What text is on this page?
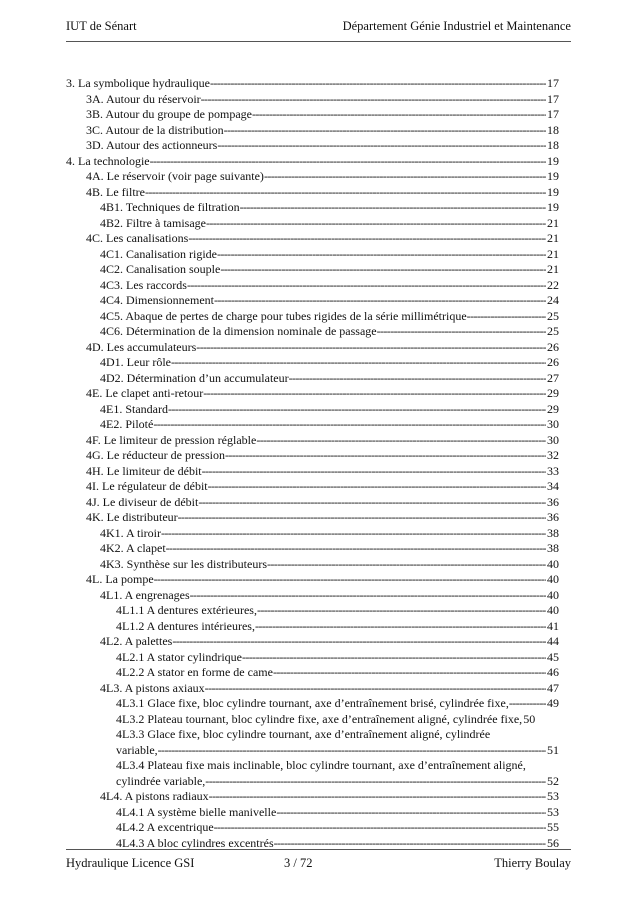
IUT de Sénart	Département Génie Industriel et Maintenance
3. La symbolique hydraulique -----	17
3A. Autour du réservoir -----	17
3B. Autour du groupe de pompage -----	17
3C. Autour de la distribution -----	18
3D. Autour des actionneurs -----	18
4. La technologie -----	19
4A. Le réservoir (voir page suivante) -----	19
4B. Le filtre -----	19
4B1. Techniques de filtration -----	19
4B2. Filtre à tamisage -----	21
4C. Les canalisations -----	21
4C1. Canalisation rigide -----	21
4C2. Canalisation souple -----	21
4C3. Les raccords -----	22
4C4. Dimensionnement -----	24
4C5. Abaque de pertes de charge pour tubes rigides de la série millimétrique -----	25
4C6. Détermination de la dimension nominale de passage -----	25
4D. Les accumulateurs -----	26
4D1. Leur rôle -----	26
4D2. Détermination d’un accumulateur -----	27
4E. Le clapet anti-retour -----	29
4E1. Standard -----	29
4E2. Piloté -----	30
4F. Le limiteur de pression réglable -----	30
4G. Le réducteur de pression -----	32
4H. Le limiteur de débit -----	33
4I. Le régulateur de débit -----	34
4J. Le diviseur de débit -----	36
4K. Le distributeur -----	36
4K1. A tiroir -----	38
4K2. A clapet -----	38
4K3. Synthèse sur les distributeurs -----	40
4L. La pompe -----	40
4L1. A engrenages -----	40
4L1.1 A dentures extérieures, -----	40
4L1.2 A dentures intérieures, -----	41
4L2. A palettes -----	44
4L2.1 A stator cylindrique -----	45
4L2.2 A stator en forme de came -----	46
4L3. A pistons axiaux -----	47
4L3.1 Glace fixe, bloc cylindre tournant, axe d’entraînement brisé, cylindrée fixe, -----	49
4L3.2 Plateau tournant, bloc cylindre fixe, axe d’entraînement aligné, cylindrée fixe, 50
4L3.3 Glace fixe, bloc cylindre tournant, axe d’entraînement aligné, cylindrée
variable, -----	51
4L3.4 Plateau fixe mais inclinable, bloc cylindre tournant, axe d’entraînement aligné,
cylindrée variable, -----	52
4L4. A pistons radiaux -----	53
4L4.1 A système bielle manivelle -----	53
4L4.2 A excentrique -----	55
4L4.3 A bloc cylindres excentrés -----	56
Hydraulique Licence GSI	3 / 72	Thierry Boulay
